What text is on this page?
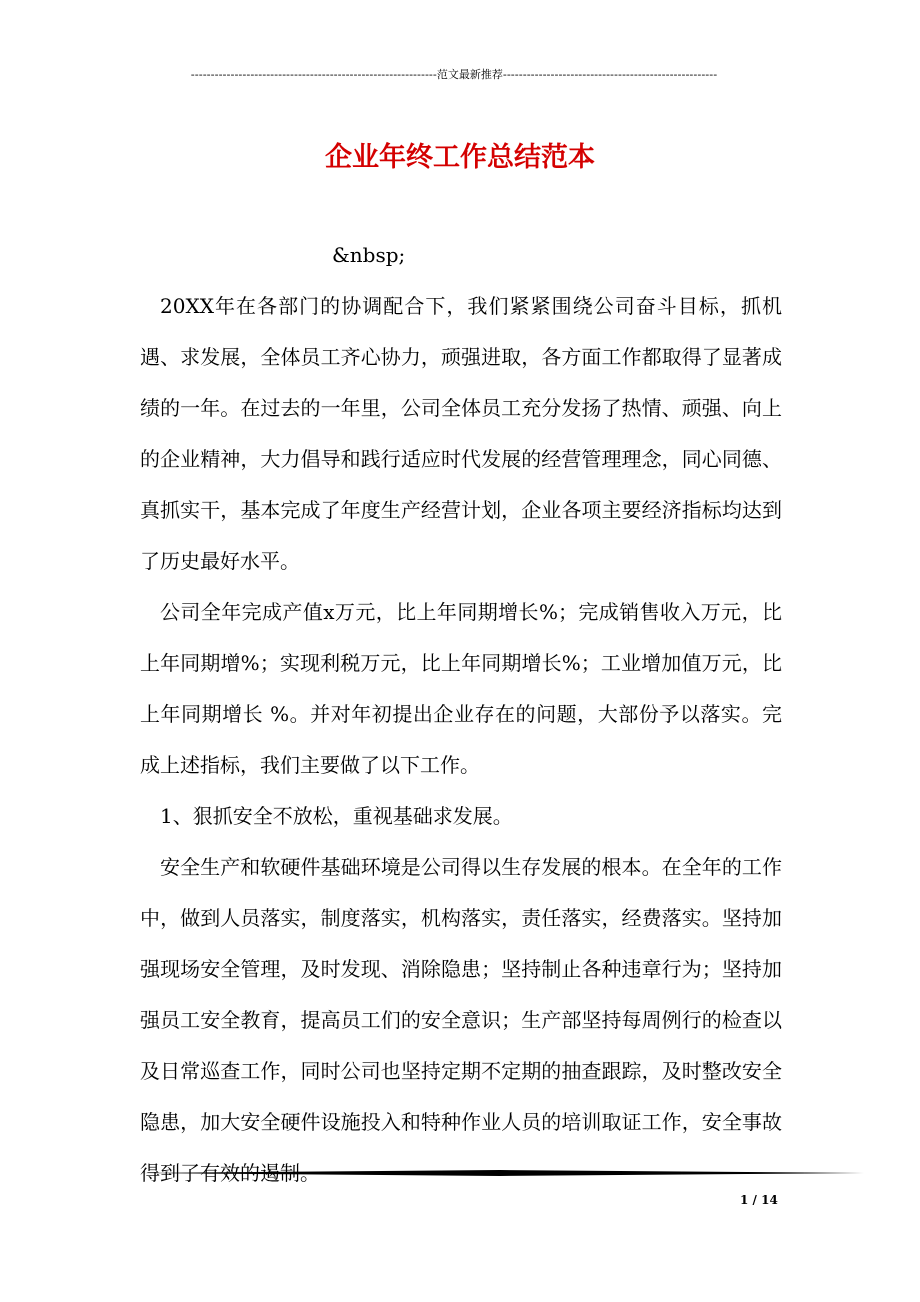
--------------------------------------------------------------范文最新推荐------------------------------------------------------
企业年终工作总结范本
&nbsp;

20XX年在各部门的协调配合下，我们紧紧围绕公司奋斗目标，抓机遇、求发展，全体员工齐心协力，顽强进取，各方面工作都取得了显著成绩的一年。在过去的一年里，公司全体员工充分发扬了热情、顽强、向上的企业精神，大力倡导和践行适应时代发展的经营管理理念，同心同德、真抓实干，基本完成了年度生产经营计划，企业各项主要经济指标均达到了历史最好水平。

公司全年完成产值x万元，比上年同期增长%；完成销售收入万元，比上年同期增%；实现利税万元，比上年同期增长%；工业增加值万元，比上年同期增长 %。并对年初提出企业存在的问题，大部份予以落实。完成上述指标，我们主要做了以下工作。

1、狠抓安全不放松，重视基础求发展。

安全生产和软硬件基础环境是公司得以生存发展的根本。在全年的工作中，做到人员落实，制度落实，机构落实，责任落实，经费落实。坚持加强现场安全管理，及时发现、消除隐患；坚持制止各种违章行为；坚持加强员工安全教育，提高员工们的安全意识；生产部坚持每周例行的检查以及日常巡查工作，同时公司也坚持定期不定期的抽查跟踪，及时整改安全隐患，加大安全硬件设施投入和特种作业人员的培训取证工作，安全事故

1 / 14
